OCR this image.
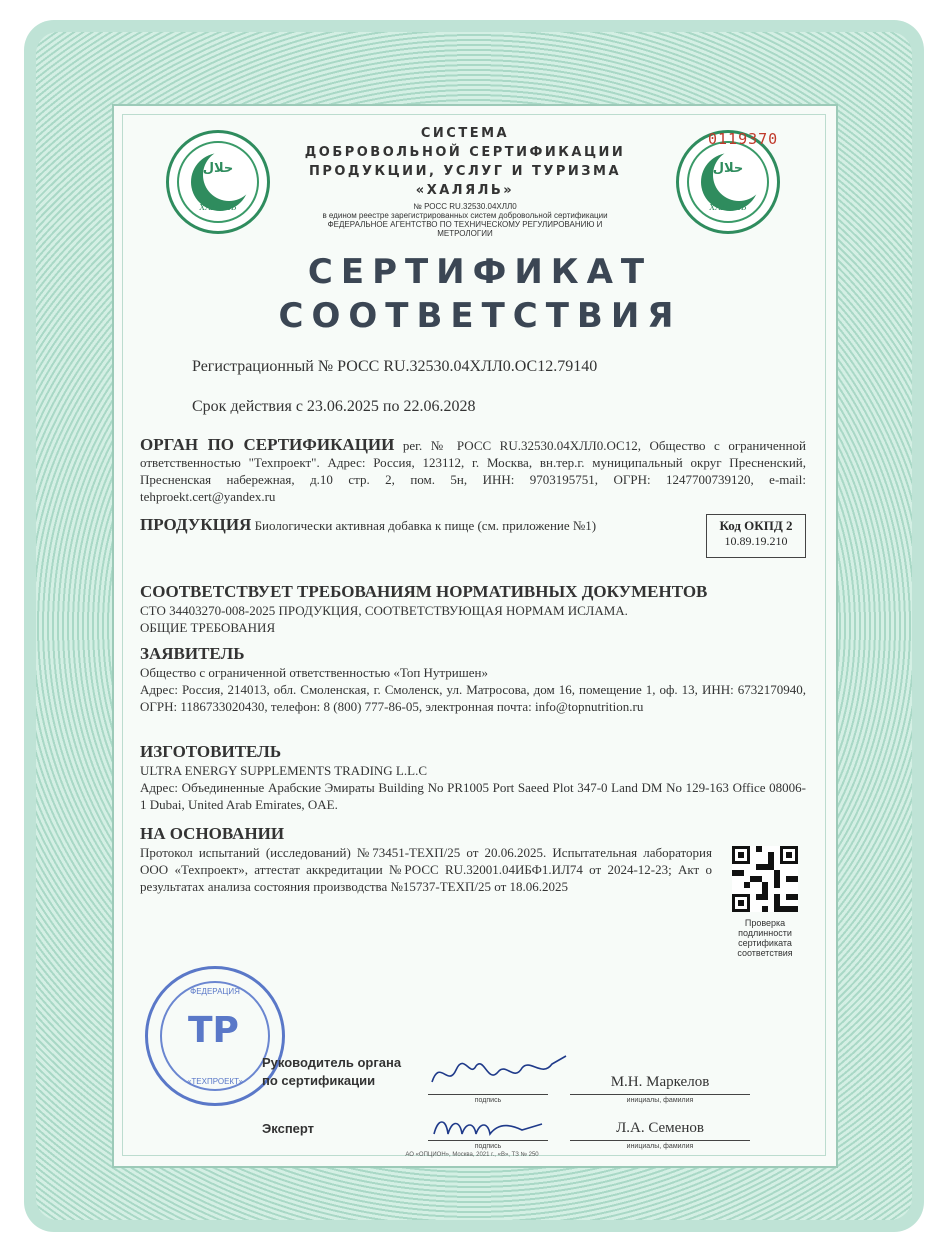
حلال
ХАЛЯЛЬ
حلال
ХАЛЯЛЬ
0119370
СИСТЕМА
ДОБРОВОЛЬНОЙ СЕРТИФИКАЦИИ
ПРОДУКЦИИ, УСЛУГ И ТУРИЗМА
«ХАЛЯЛЬ»
№ РОСС RU.32530.04ХЛЛ0
в едином реестре зарегистрированных систем добровольной сертификации
ФЕДЕРАЛЬНОЕ АГЕНТСТВО ПО ТЕХНИЧЕСКОМУ РЕГУЛИРОВАНИЮ И
МЕТРОЛОГИИ
СЕРТИФИКАТ
СООТВЕТСТВИЯ
Регистрационный № РОСС RU.32530.04ХЛЛ0.ОС12.79140
Срок действия с 23.06.2025 по 22.06.2028
ОРГАН ПО СЕРТИФИКАЦИИ рег. № РОСС RU.32530.04ХЛЛ0.ОС12, Общество с ограниченной ответственностью "Техпроект". Адрес: Россия, 123112, г. Москва, вн.тер.г. муниципальный округ Пресненский, Пресненская набережная, д.10 стр. 2, пом. 5н, ИНН: 9703195751, ОГРН: 1247700739120, e-mail: tehproekt.cert@yandex.ru
ПРОДУКЦИЯ Биологически активная добавка к пище (см. приложение №1)	Код ОКПД 2
10.89.19.210
СООТВЕТСТВУЕТ ТРЕБОВАНИЯМ НОРМАТИВНЫХ ДОКУМЕНТОВ
СТО 34403270-008-2025 ПРОДУКЦИЯ, СООТВЕТСТВУЮЩАЯ НОРМАМ ИСЛАМА.
ОБЩИЕ ТРЕБОВАНИЯ
ЗАЯВИТЕЛЬ
Общество с ограниченной ответственностью «Топ Нутришен»
Адрес: Россия, 214013, обл. Смоленская, г. Смоленск, ул. Матросова, дом 16, помещение 1, оф. 13, ИНН: 6732170940, ОГРН: 1186733020430, телефон: 8 (800) 777-86-05, электронная почта: info@topnutrition.ru
ИЗГОТОВИТЕЛЬ
ULTRA ENERGY SUPPLEMENTS TRADING L.L.C
Адрес: Объединенные Арабские Эмираты Building No PR1005 Port Saeed Plot 347-0 Land DM No 129-163 Office 08006-1 Dubai, United Arab Emirates, OAE.
НА ОСНОВАНИИ
Протокол испытаний (исследований) №73451-ТЕХП/25 от 20.06.2025. Испытательная лаборатория ООО «Техпроект», аттестат аккредитации №РОСС RU.32001.04ИБФ1.ИЛ74 от 2024-12-23; Акт о результатах анализа состояния производства №15737-ТЕХП/25 от 18.06.2025
Проверка
подлинности
сертификата
соответствия
ФЕДЕРАЦИЯ
ТР
«ТЕХПРОЕКТ»
Руководитель органа
по сертификации
подпись
М.Н. Маркелов
инициалы, фамилия
Эксперт
подпись
Л.А. Семенов
инициалы, фамилия
АО «ОПЦИОН», Москва, 2021 г., «В», ТЗ № 250
